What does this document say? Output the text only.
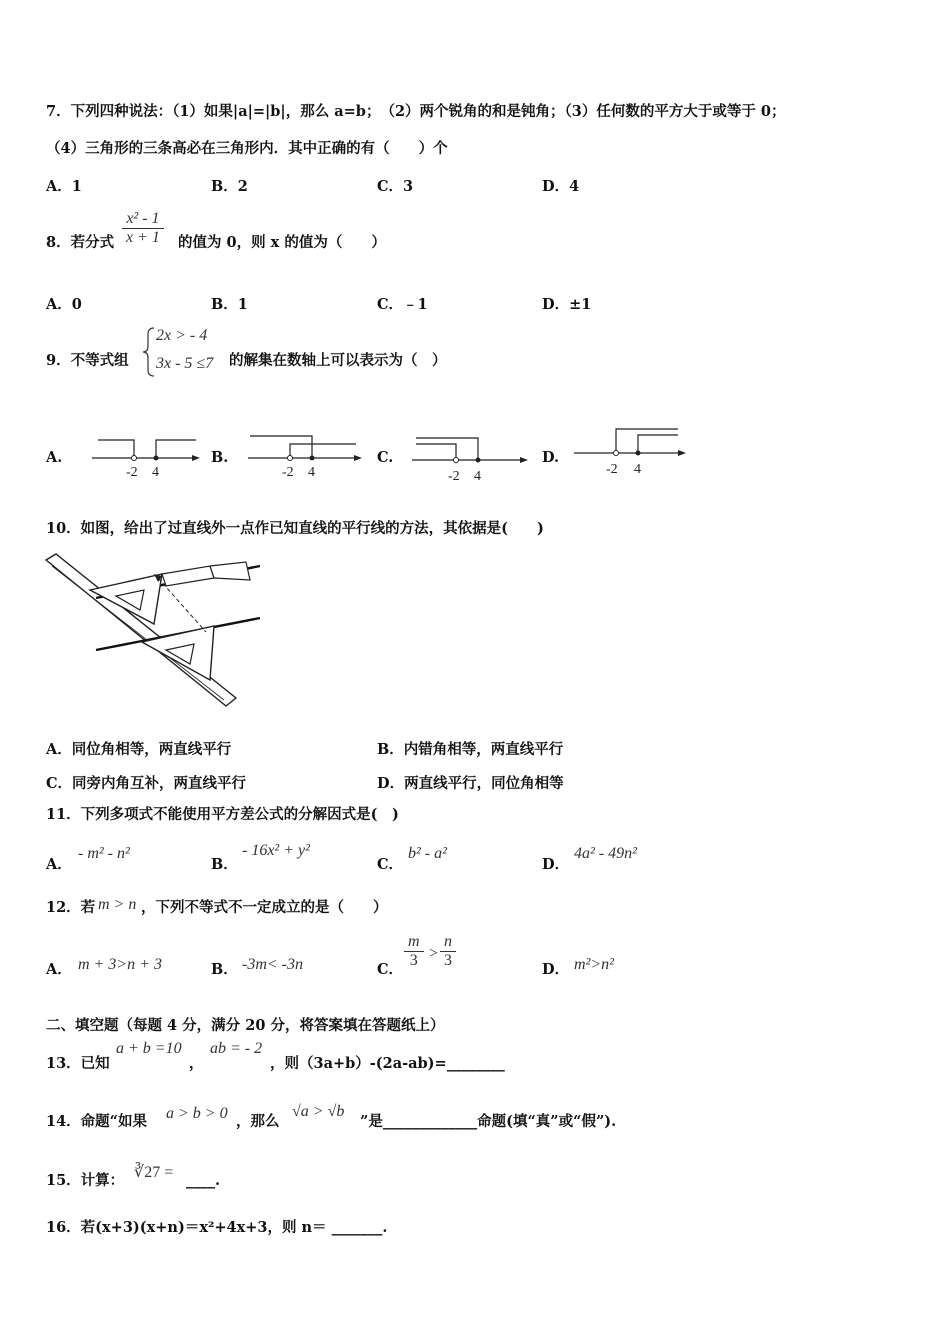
7．下列四种说法：（1）如果|a|=|b|，那么 a=b；　（2）两个锐角的和是钝角；（3）任何数的平方大于或等于 0；
（4）三角形的三条高必在三角形内．其中正确的有（　　）个
A．1	B．2	C．3	D．4
8．若分式 $\frac{\text{x² - 1}}{x + 1}$ 的值为 0，则 x 的值为（　　）
A．0	B．1	C．﹣1	D．±1
9．不等式组
2x > - 4
3x - 5 ≤7 的解集在数轴上可以表示为（　）
A.
-2 4
B.
-2 4
C.
-2 4
D.
-2 4
10．如图，给出了过直线外一点作已知直线的平行线的方法，其依据是(　　)
A．同位角相等，两直线平行	B．内错角相等，两直线平行
C．同旁内角互补，两直线平行	D．两直线平行，同位角相等
11．下列多项式不能使用平方差公式的分解因式是(　)
A．
- m² - n²
B．
- 16x² + y²
C．
b² - a²
D．
4a² - 49n²
12．若 m > n ，下列不等式不一定成立的是（　　）
A． m + 3>n + 3	B． -3m< -3n	C． $\frac{m}{3} > \frac{n}{3}$	D． m²>n²
二、填空题（每题 4 分，满分 20 分，将答案填在答题纸上）
13．已知
a + b =10
，
ab = - 2
，则（3a+b）-(2a-ab)=________
14．命题“如果 a > b > 0 ，那么
√a > √b
”是_____________命题(填“真”或“假”).
15．计算： ∛27 = ____.
16．若(x+3)(x+n)＝x²+4x+3，则 n＝ _______.
